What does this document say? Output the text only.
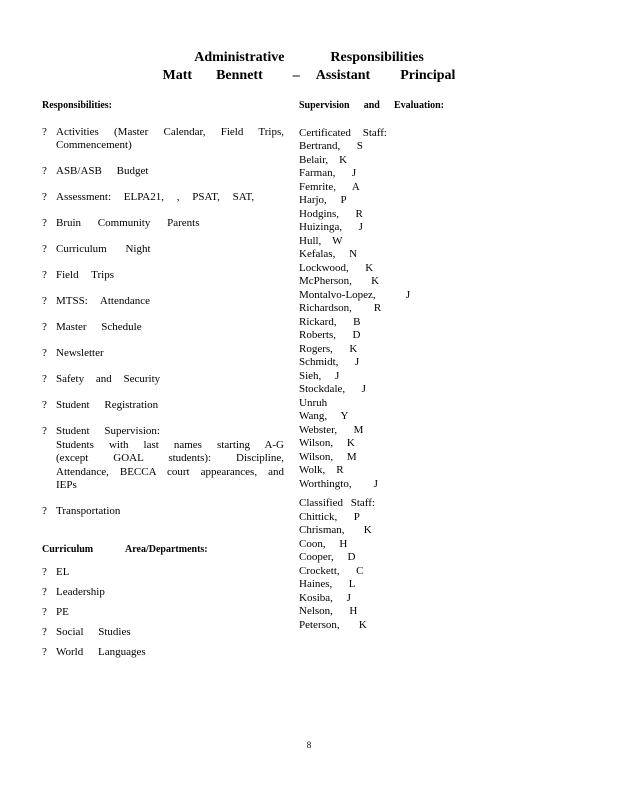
Administrative	Responsibilities
Matt Bennett – Assistant Principal
Responsibilities:
? Activities (Master Calendar, Field Trips,
Commencement)
? ASB/ASB Budget
? Assessment: ELPA21, , PSAT, SAT,
? Bruin Community Parents
? Curriculum Night
? Field Trips
? MTSS: Attendance
? Master Schedule
? Newsletter
? Safety and Security
? Student Registration
? Student Supervision:
Students with last names starting A-G
(except GOAL students): Discipline,
Attendance, BECCA court appearances, and
IEPs
? Transportation
Curriculum Area/Departments:
? EL
? Leadership
? PE
? Social Studies
? World Languages
Supervision and Evaluation:
Certificated Staff:
Bertrand,      S
Belair,    K
Farman,      J
Femrite,      A
Harjo,     P
Hodgins,      R
Huizinga,      J
Hull,    W
Kefalas,     N
Lockwood,      K
McPherson,       K
Montalvo-Lopez,           J
Richardson,        R
Rickard,      B
Roberts,      D
Rogers,      K
Schmidt,      J
Sieh,     J
Stockdale,      J
Unruh
Wang,     Y
Webster,      M
Wilson,     K
Wilson,     M
Wolk,    R
Worthingto,        J
Classified Staff:
Chittick,      P
Chrisman,       K
Coon,     H
Cooper,     D
Crockett,      C
Haines,      L
Kosiba,     J
Nelson,      H
Peterson,       K
8
